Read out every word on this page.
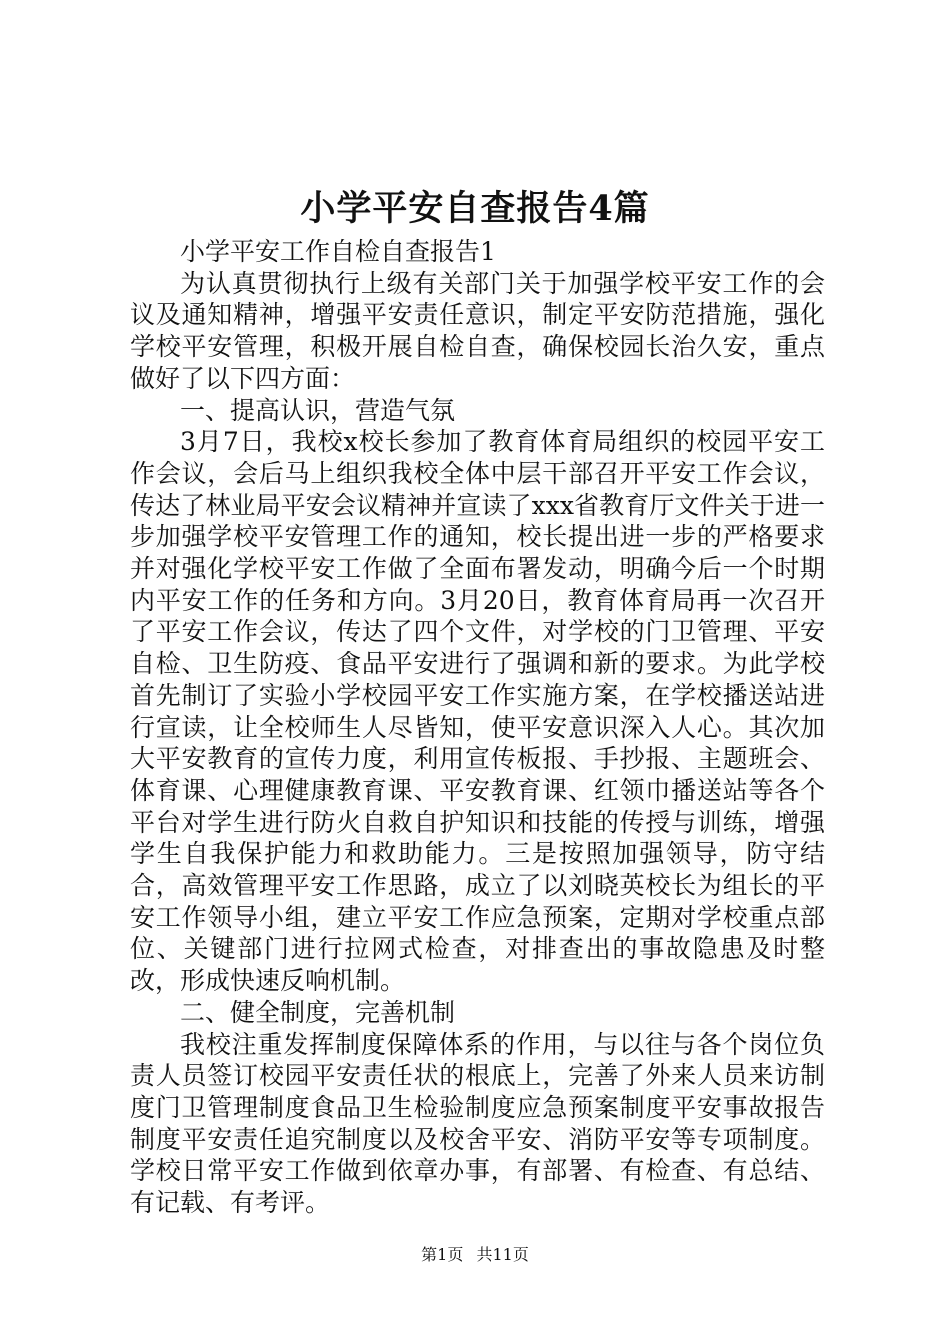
小学平安自查报告4篇

小学平安工作自检自查报告1

为认真贯彻执行上级有关部门关于加强学校平安工作的会议及通知精神，增强平安责任意识，制定平安防范措施，强化学校平安管理，积极开展自检自查，确保校园长治久安，重点做好了以下四方面：

一、提高认识，营造气氛

3月7日，我校x校长参加了教育体育局组织的校园平安工作会议，会后马上组织我校全体中层干部召开平安工作会议，传达了林业局平安会议精神并宣读了xxx省教育厅文件关于进一步加强学校平安管理工作的通知，校长提出进一步的严格要求并对强化学校平安工作做了全面布署发动，明确今后一个时期内平安工作的任务和方向。3月20日，教育体育局再一次召开了平安工作会议，传达了四个文件，对学校的门卫管理、平安自检、卫生防疫、食品平安进行了强调和新的要求。为此学校首先制订了实验小学校园平安工作实施方案，在学校播送站进行宣读，让全校师生人尽皆知，使平安意识深入人心。其次加大平安教育的宣传力度，利用宣传板报、手抄报、主题班会、体育课、心理健康教育课、平安教育课、红领巾播送站等各个平台对学生进行防火自救自护知识和技能的传授与训练，增强学生自我保护能力和救助能力。三是按照加强领导，防守结合，高效管理平安工作思路，成立了以刘晓英校长为组长的平安工作领导小组，建立平安工作应急预案，定期对学校重点部位、关键部门进行拉网式检查，对排查出的事故隐患及时整改，形成快速反响机制。

二、健全制度，完善机制

我校注重发挥制度保障体系的作用，与以往与各个岗位负责人员签订校园平安责任状的根底上，完善了外来人员来访制度门卫管理制度食品卫生检验制度应急预案制度平安事故报告制度平安责任追究制度以及校舍平安、消防平安等专项制度。学校日常平安工作做到依章办事，有部署、有检查、有总结、有记载、有考评。

第1页 共11页
